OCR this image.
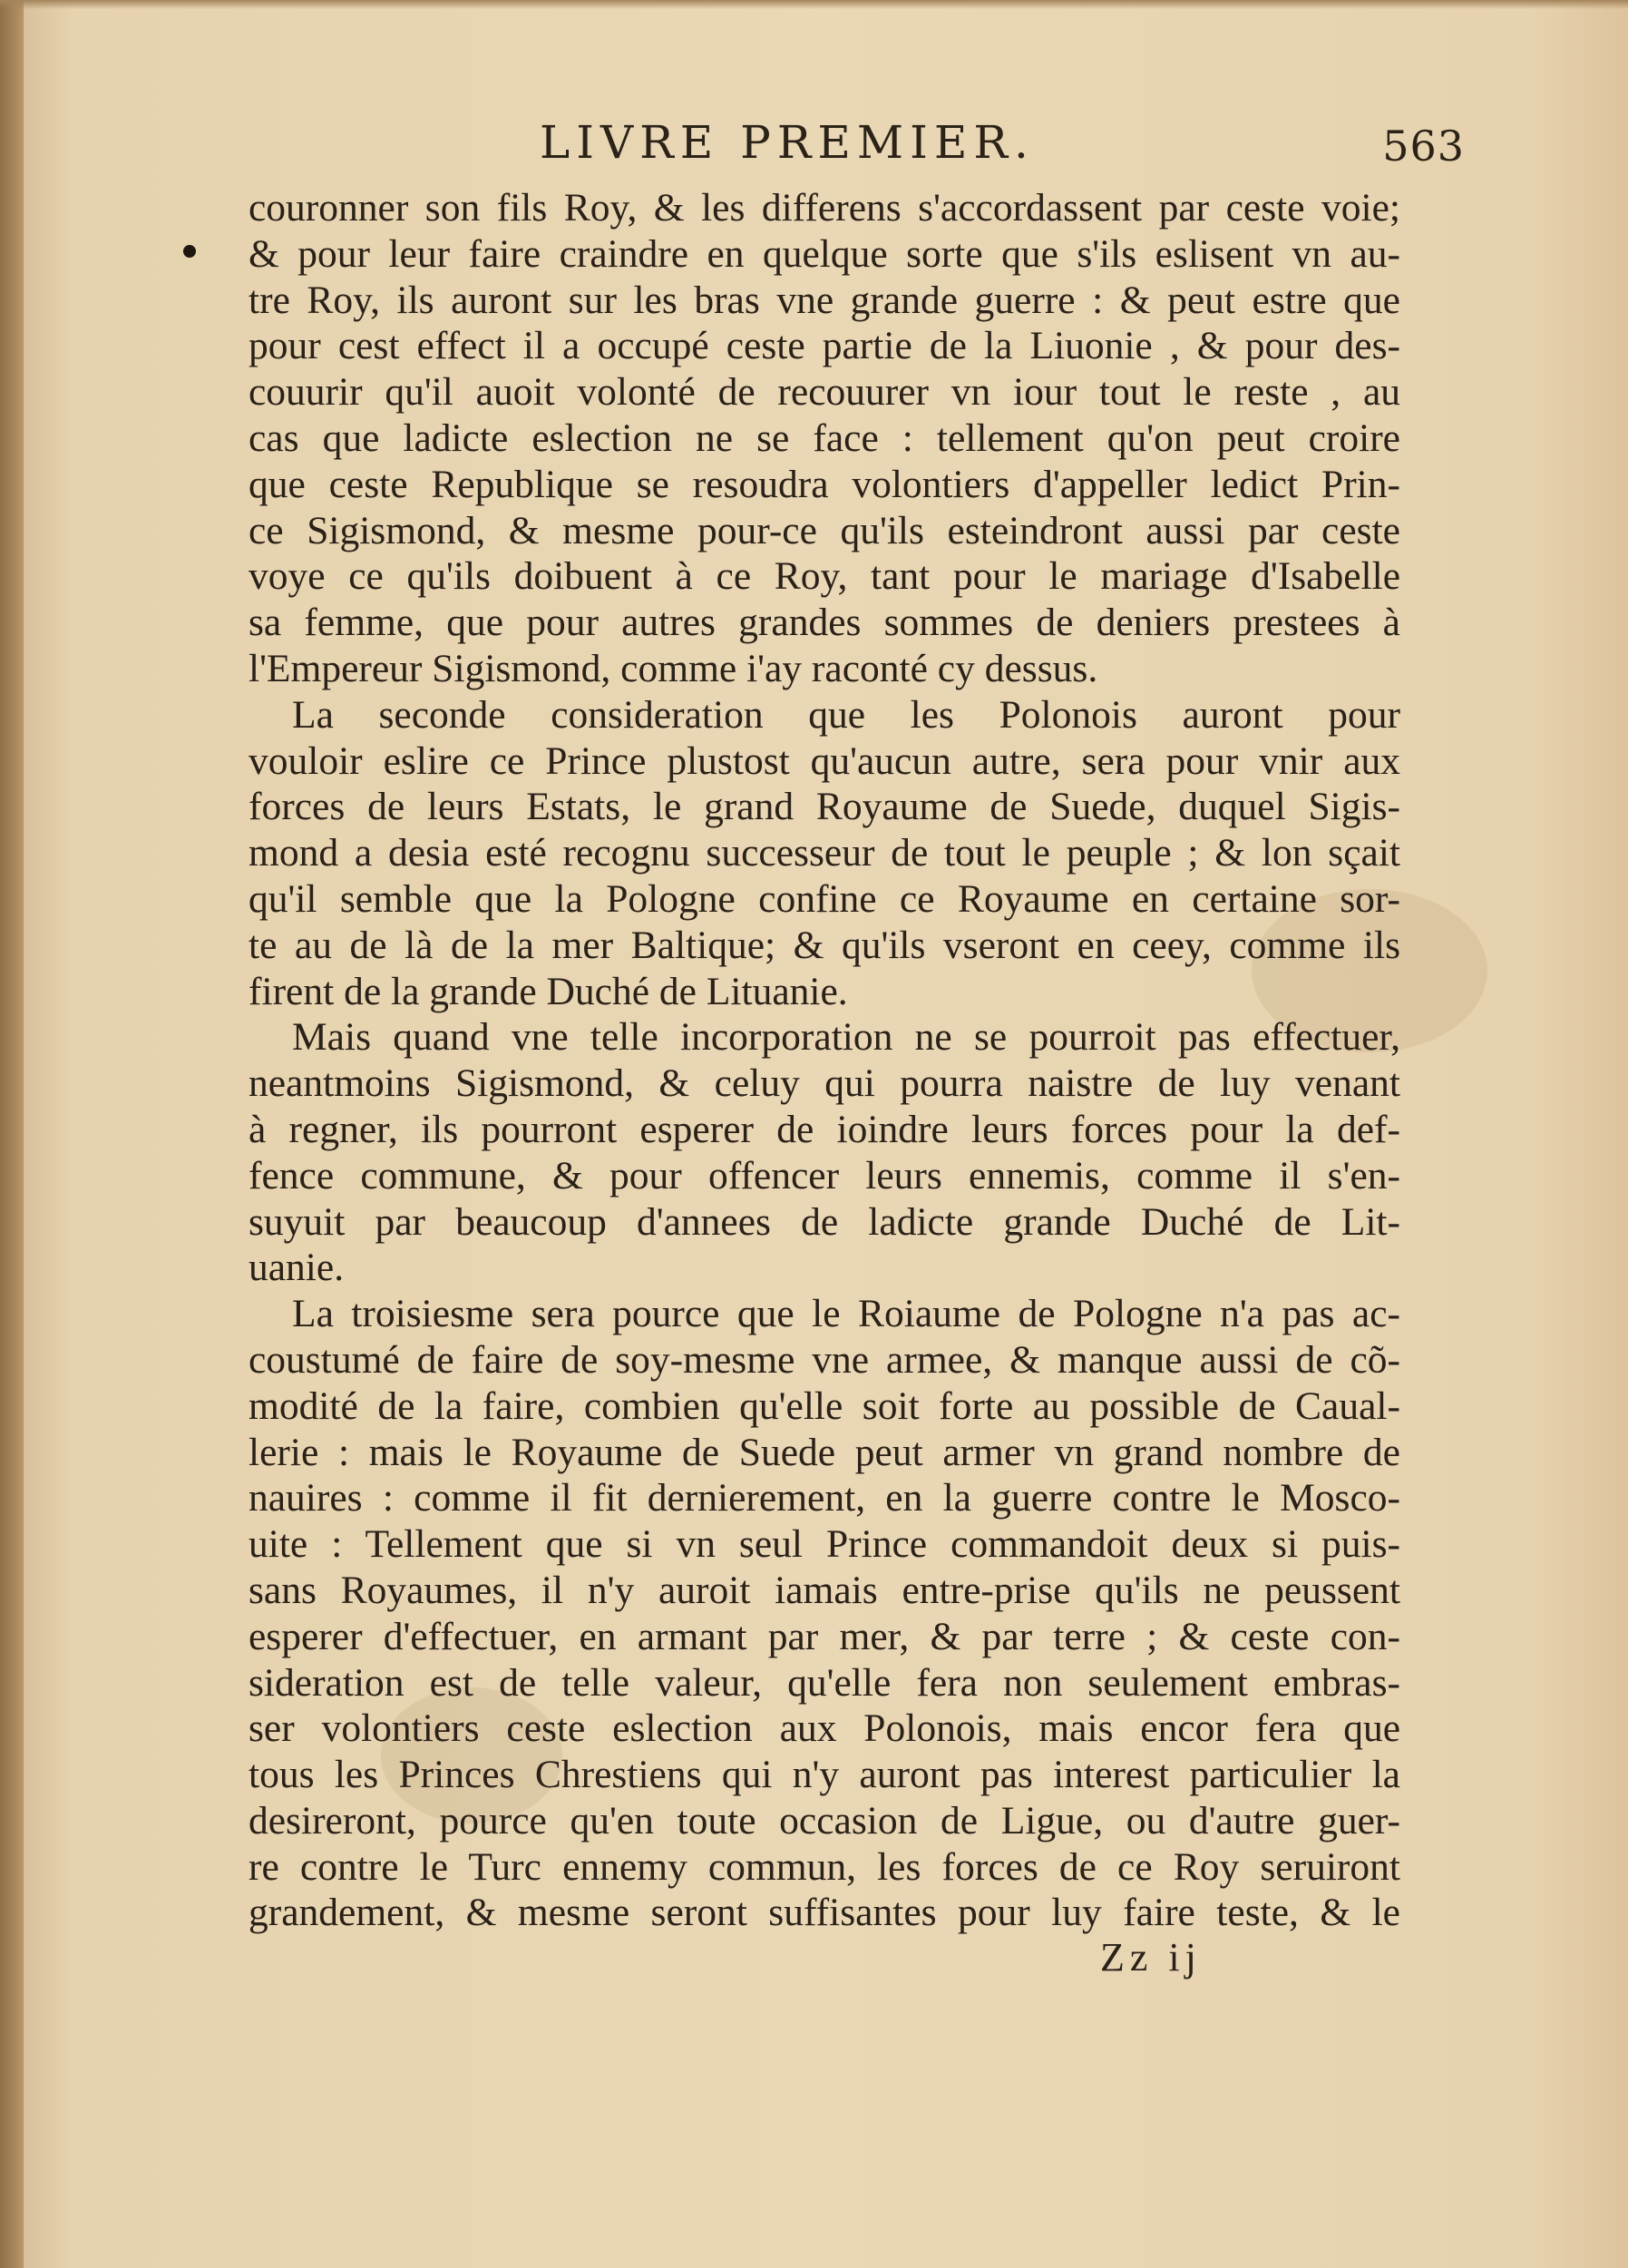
LIVRE PREMIER.	563
couronner son fils Roy, & les differens s'accordassent par ceste voie;
& pour leur faire craindre en quelque sorte que s'ils eslisent vn au-
tre Roy, ils auront sur les bras vne grande guerre : & peut estre que
pour cest effect il a occupé ceste partie de la Liuonie , & pour des-
couurir qu'il auoit volonté de recouurer vn iour tout le reste , au
cas que ladicte eslection ne se face : tellement qu'on peut croire
que ceste Republique se resoudra volontiers d'appeller ledict Prin-
ce Sigismond, & mesme pour-ce qu'ils esteindront aussi par ceste
voye ce qu'ils doibuent à ce Roy, tant pour le mariage d'Isabelle
sa femme, que pour autres grandes sommes de deniers prestees à
l'Empereur Sigismond, comme i'ay raconté cy dessus.
La seconde consideration que les Polonois auront pour
vouloir eslire ce Prince plustost qu'aucun autre, sera pour vnir aux
forces de leurs Estats, le grand Royaume de Suede, duquel Sigis-
mond a desia esté recognu successeur de tout le peuple ; & lon sçait
qu'il semble que la Pologne confine ce Royaume en certaine sor-
te au de là de la mer Baltique; & qu'ils vseront en ceey, comme ils
firent de la grande Duché de Lituanie.
Mais quand vne telle incorporation ne se pourroit pas effectuer,
neantmoins Sigismond, & celuy qui pourra naistre de luy venant
à regner, ils pourront esperer de ioindre leurs forces pour la def-
fence commune, & pour offencer leurs ennemis, comme il s'en-
suyuit par beaucoup d'annees de ladicte grande Duché de Lit-
uanie.
La troisiesme sera pource que le Roiaume de Pologne n'a pas ac-
coustumé de faire de soy-mesme vne armee, & manque aussi de cõ-
modité de la faire, combien qu'elle soit forte au possible de Caual-
lerie : mais le Royaume de Suede peut armer vn grand nombre de
nauires : comme il fit dernierement, en la guerre contre le Mosco-
uite : Tellement que si vn seul Prince commandoit deux si puis-
sans Royaumes, il n'y auroit iamais entre-prise qu'ils ne peussent
esperer d'effectuer, en armant par mer, & par terre ; & ceste con-
sideration est de telle valeur, qu'elle fera non seulement embras-
ser volontiers ceste eslection aux Polonois, mais encor fera que
tous les Princes Chrestiens qui n'y auront pas interest particulier la
desireront, pource qu'en toute occasion de Ligue, ou d'autre guer-
re contre le Turc ennemy commun, les forces de ce Roy seruiront
grandement, & mesme seront suffisantes pour luy faire teste, & le
Zz ij
